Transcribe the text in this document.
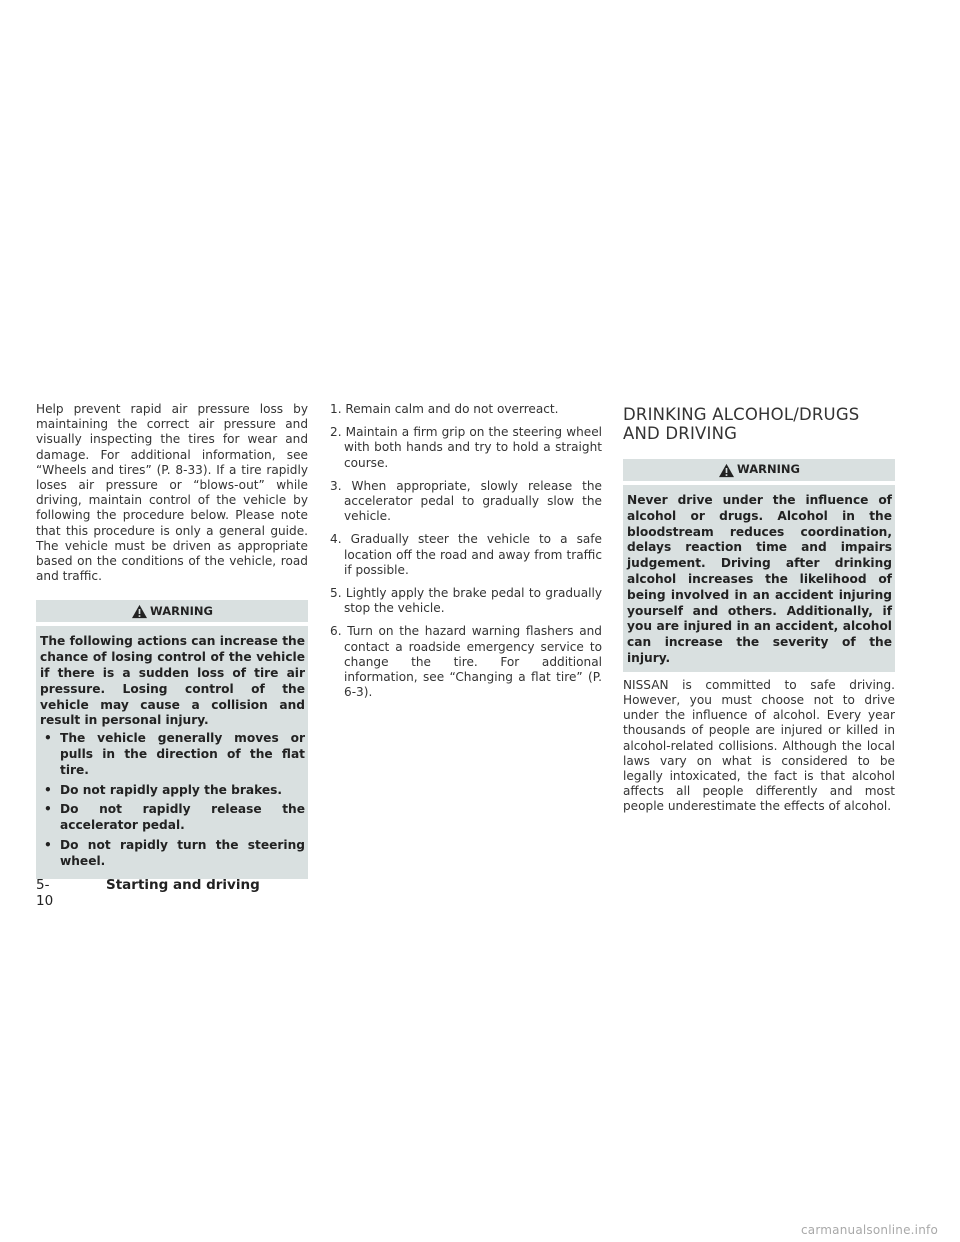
Help prevent rapid air pressure loss by maintaining the correct air pressure and visually inspecting the tires for wear and damage. For additional information, see “Wheels and tires” (P. 8-33). If a tire rapidly loses air pressure or “blows-out” while driving, maintain control of the vehicle by following the procedure below. Please note that this procedure is only a general guide. The vehicle must be driven as appropriate based on the conditions of the vehicle, road and traffic.

WARNING

The following actions can increase the chance of losing control of the vehicle if there is a sudden loss of tire air pressure. Losing control of the vehicle may cause a collision and result in personal injury.

• The vehicle generally moves or pulls in the direction of the flat tire.
• Do not rapidly apply the brakes.
• Do not rapidly release the accelerator pedal.
• Do not rapidly turn the steering wheel.
1. Remain calm and do not overreact.
2. Maintain a firm grip on the steering wheel with both hands and try to hold a straight course.
3. When appropriate, slowly release the accelerator pedal to gradually slow the vehicle.
4. Gradually steer the vehicle to a safe location off the road and away from traffic if possible.
5. Lightly apply the brake pedal to gradually stop the vehicle.
6. Turn on the hazard warning flashers and contact a roadside emergency service to change the tire. For additional information, see “Changing a flat tire” (P. 6-3).
DRINKING ALCOHOL/DRUGS AND DRIVING
WARNING

Never drive under the influence of alcohol or drugs. Alcohol in the bloodstream reduces coordination, delays reaction time and impairs judgement. Driving after drinking alcohol increases the likelihood of being involved in an accident injuring yourself and others. Additionally, if you are injured in an accident, alcohol can increase the severity of the injury.

NISSAN is committed to safe driving. However, you must choose not to drive under the influence of alcohol. Every year thousands of people are injured or killed in alcohol-related collisions. Although the local laws vary on what is considered to be legally intoxicated, the fact is that alcohol affects all people differently and most people underestimate the effects of alcohol.

5-10
Starting and driving
carmanualsonline.info
